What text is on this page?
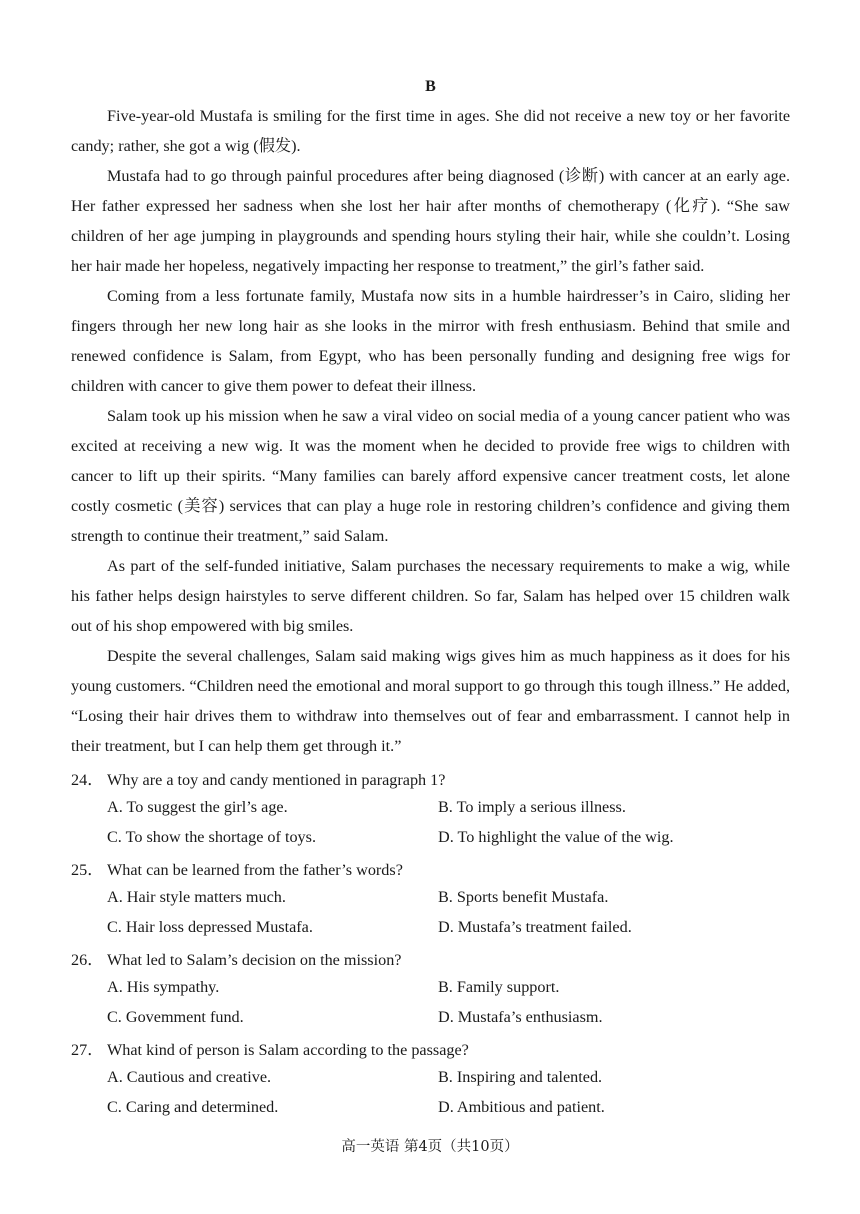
B

Five-year-old Mustafa is smiling for the first time in ages. She did not receive a new toy or her favorite candy; rather, she got a wig (假发).

Mustafa had to go through painful procedures after being diagnosed (诊断) with cancer at an early age. Her father expressed her sadness when she lost her hair after months of chemotherapy (化疗). “She saw children of her age jumping in playgrounds and spending hours styling their hair, while she couldn’t. Losing her hair made her hopeless, negatively impacting her response to treatment,” the girl’s father said.

Coming from a less fortunate family, Mustafa now sits in a humble hairdresser’s in Cairo, sliding her fingers through her new long hair as she looks in the mirror with fresh enthusiasm. Behind that smile and renewed confidence is Salam, from Egypt, who has been personally funding and designing free wigs for children with cancer to give them power to defeat their illness.

Salam took up his mission when he saw a viral video on social media of a young cancer patient who was excited at receiving a new wig. It was the moment when he decided to provide free wigs to children with cancer to lift up their spirits. “Many families can barely afford expensive cancer treatment costs, let alone costly cosmetic (美容) services that can play a huge role in restoring children’s confidence and giving them strength to continue their treatment,” said Salam.

As part of the self-funded initiative, Salam purchases the necessary requirements to make a wig, while his father helps design hairstyles to serve different children. So far, Salam has helped over 15 children walk out of his shop empowered with big smiles.

Despite the several challenges, Salam said making wigs gives him as much happiness as it does for his young customers. “Children need the emotional and moral support to go through this tough illness.” He added, “Losing their hair drives them to withdraw into themselves out of fear and embarrassment. I cannot help in their treatment, but I can help them get through it.”

24． Why are a toy and candy mentioned in paragraph 1?
A. To suggest the girl’s age.	B. To imply a serious illness.
C. To show the shortage of toys.	D. To highlight the value of the wig.
25． What can be learned from the father’s words?
A. Hair style matters much.	B. Sports benefit Mustafa.
C. Hair loss depressed Mustafa.	D. Mustafa’s treatment failed.
26． What led to Salam’s decision on the mission?
A. His sympathy.	B. Family support.
C. Govemment fund.	D. Mustafa’s enthusiasm.
27． What kind of person is Salam according to the passage?
A. Cautious and creative.	B. Inspiring and talented.
C. Caring and determined.	D. Ambitious and patient.
高一英语 第4页（共10页）
